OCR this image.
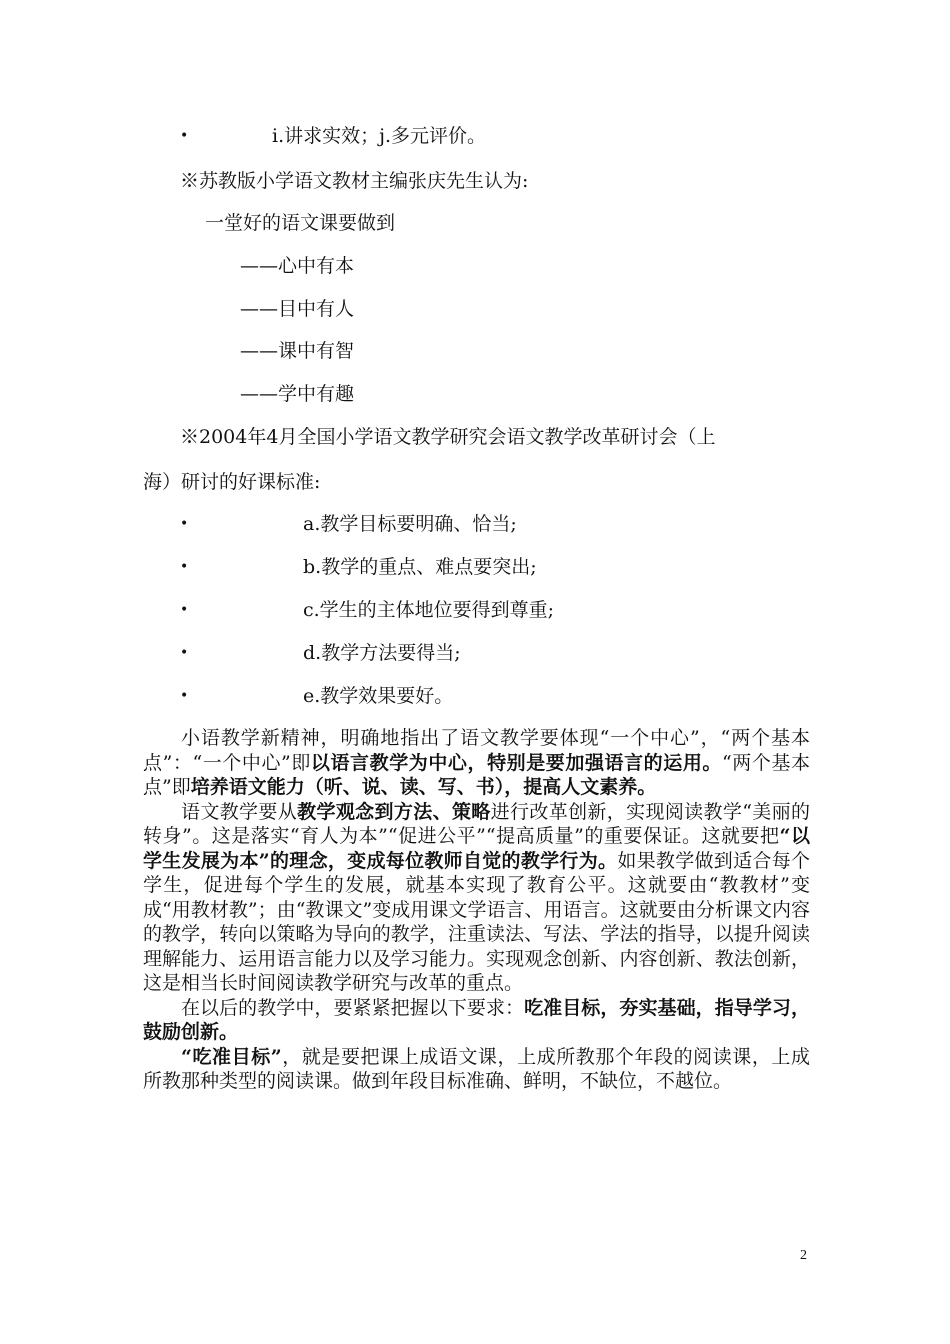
•	i.讲求实效；j.多元评价。
※苏教版小学语文教材主编张庆先生认为:
一堂好的语文课要做到
——心中有本
——目中有人
——课中有智
——学中有趣
※2004年4月全国小学语文教学研究会语文教学改革研讨会（上
海）研讨的好课标准:
•	a.教学目标要明确、恰当;
•	b.教学的重点、难点要突出;
•	c.学生的主体地位要得到尊重;
•	d.教学方法要得当;
•	e.教学效果要好。

小语教学新精神，明确地指出了语文教学要体现“一个中心”，“两个基本点”：“一个中心”即以语言教学为中心，特别是要加强语言的运用。“两个基本点”即培养语文能力（听、说、读、写、书），提高人文素养。

语文教学要从教学观念到方法、策略进行改革创新，实现阅读教学“美丽的转身”。这是落实“育人为本”“促进公平”“提高质量”的重要保证。这就要把“以学生发展为本”的理念，变成每位教师自觉的教学行为。如果教学做到适合每个学生，促进每个学生的发展，就基本实现了教育公平。这就要由“教教材”变成“用教材教”；由“教课文”变成用课文学语言、用语言。这就要由分析课文内容的教学，转向以策略为导向的教学，注重读法、写法、学法的指导，以提升阅读理解能力、运用语言能力以及学习能力。实现观念创新、内容创新、教法创新，这是相当长时间阅读教学研究与改革的重点。

在以后的教学中，要紧紧把握以下要求：吃准目标，夯实基础，指导学习，鼓励创新。

“吃准目标”，就是要把课上成语文课，上成所教那个年段的阅读课，上成所教那种类型的阅读课。做到年段目标准确、鲜明，不缺位，不越位。

2
